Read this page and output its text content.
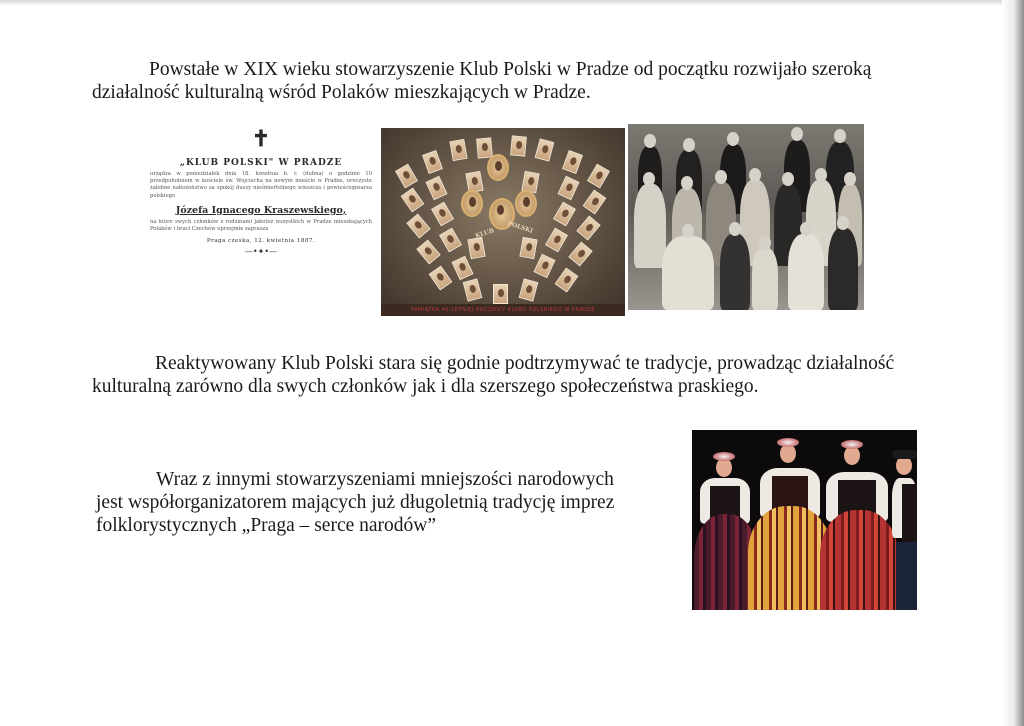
Powstałe w XIX wieku stowarzyszenie Klub Polski w Pradze od początku rozwijało szeroką
działalność kulturalną wśród Polaków mieszkających w Pradze.

✝
„KLUB POLSKI" W PRADZE

urządza w poniedziałek dnia 18. kwietnia b. r. (dubna) o godzinie 10 przedpołudniem w kościele św. Wojciecha na nowym mieście w Pradze, uroczyste żałobne nabożeństwo za spokój duszy nieśmiertelnego wieszcza i powieściopisarza polskiego

Józefa Ignacego Kraszewskiego,

na które swych członków z rodzinami jakoteż wszystkich w Pradze mieszkających Polaków i braci Czechów uprzejmie zaprasza

Praga czeska, 12. kwietnia 1887.
—•✦•—
KLUB POLSKI
PAMIĄTKA 40-LETNIEJ ROCZNICY KLUBU POLSKIEGO W PRADZE

Reaktywowany Klub Polski stara się godnie podtrzymywać te tradycje, prowadząc działalność
kulturalną zarówno dla swych członków jak i dla szerszego społeczeństwa praskiego.

Wraz z innymi stowarzyszeniami mniejszości narodowych
jest współorganizatorem mających już długoletnią tradycję imprez
folklorystycznych „Praga – serce narodów”
